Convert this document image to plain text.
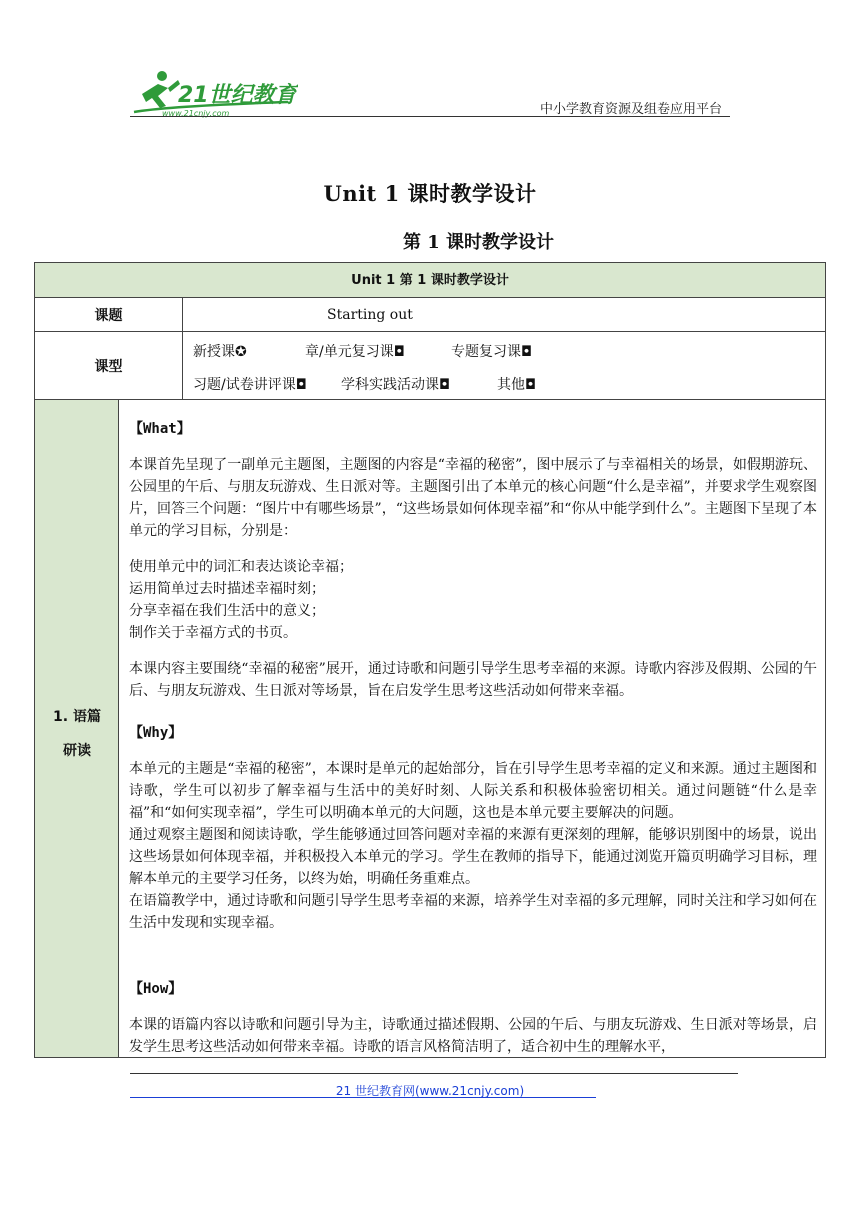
21世纪教育
www.21cnjy.com	中小学教育资源及组卷应用平台
Unit 1 课时教学设计
第 1 课时教学设计
Unit 1 第 1 课时教学设计
课题	Starting out
课型
新授课✪	章/单元复习课◘	专题复习课◘
习题/试卷讲评课◘ 学科实践活动课◘	其他◘
1. 语篇
研读
【What】

本课首先呈现了一副单元主题图，主题图的内容是“幸福的秘密”，图中展示了与幸福相关的场景，如假期游玩、公园里的午后、与朋友玩游戏、生日派对等。主题图引出了本单元的核心问题“什么是幸福”，并要求学生观察图片，回答三个问题：“图片中有哪些场景”，“这些场景如何体现幸福”和“你从中能学到什么”。主题图下呈现了本单元的学习目标，分别是：

使用单元中的词汇和表达谈论幸福；

运用简单过去时描述幸福时刻；

分享幸福在我们生活中的意义；

制作关于幸福方式的书页。

本课内容主要围绕“幸福的秘密”展开，通过诗歌和问题引导学生思考幸福的来源。诗歌内容涉及假期、公园的午后、与朋友玩游戏、生日派对等场景，旨在启发学生思考这些活动如何带来幸福。

【Why】

本单元的主题是“幸福的秘密”，本课时是单元的起始部分，旨在引导学生思考幸福的定义和来源。通过主题图和诗歌，学生可以初步了解幸福与生活中的美好时刻、人际关系和积极体验密切相关。通过问题链“什么是幸福”和“如何实现幸福”，学生可以明确本单元的大问题，这也是本单元要主要解决的问题。

通过观察主题图和阅读诗歌，学生能够通过回答问题对幸福的来源有更深刻的理解，能够识别图中的场景，说出这些场景如何体现幸福，并积极投入本单元的学习。学生在教师的指导下，能通过浏览开篇页明确学习目标，理解本单元的主要学习任务，以终为始，明确任务重难点。

在语篇教学中，通过诗歌和问题引导学生思考幸福的来源，培养学生对幸福的多元理解，同时关注和学习如何在生活中发现和实现幸福。

【How】

本课的语篇内容以诗歌和问题引导为主，诗歌通过描述假期、公园的午后、与朋友玩游戏、生日派对等场景，启发学生思考这些活动如何带来幸福。诗歌的语言风格简洁明了，适合初中生的理解水平，

21 世纪教育网(www.21cnjy.com)
